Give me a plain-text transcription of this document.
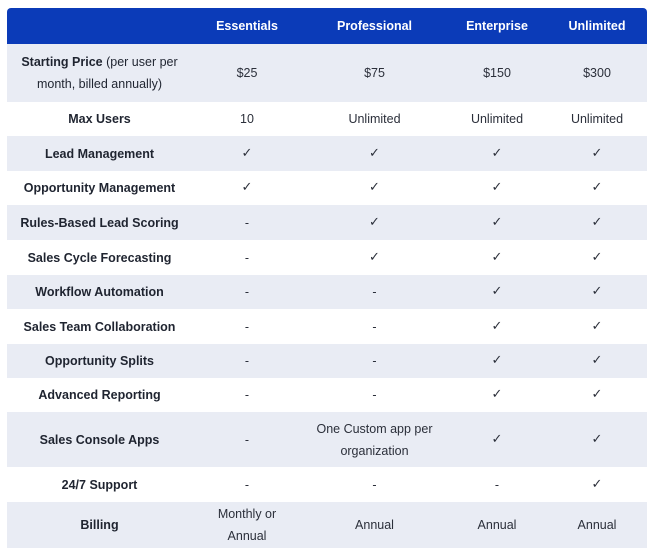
	Essentials	Professional	Enterprise	Unlimited
Starting Price (per user per month, billed annually)	$25	$75	$150	$300
Max Users	10	Unlimited	Unlimited	Unlimited
Lead Management	✓	✓	✓	✓
Opportunity Management	✓	✓	✓	✓
Rules-Based Lead Scoring	-	✓	✓	✓
Sales Cycle Forecasting	-	✓	✓	✓
Workflow Automation	-	-	✓	✓
Sales Team Collaboration	-	-	✓	✓
Opportunity Splits	-	-	✓	✓
Advanced Reporting	-	-	✓	✓
Sales Console Apps	-	One Custom app per organization	✓	✓
24/7 Support	-	-	-	✓
Billing	Monthly or Annual	Annual	Annual	Annual
